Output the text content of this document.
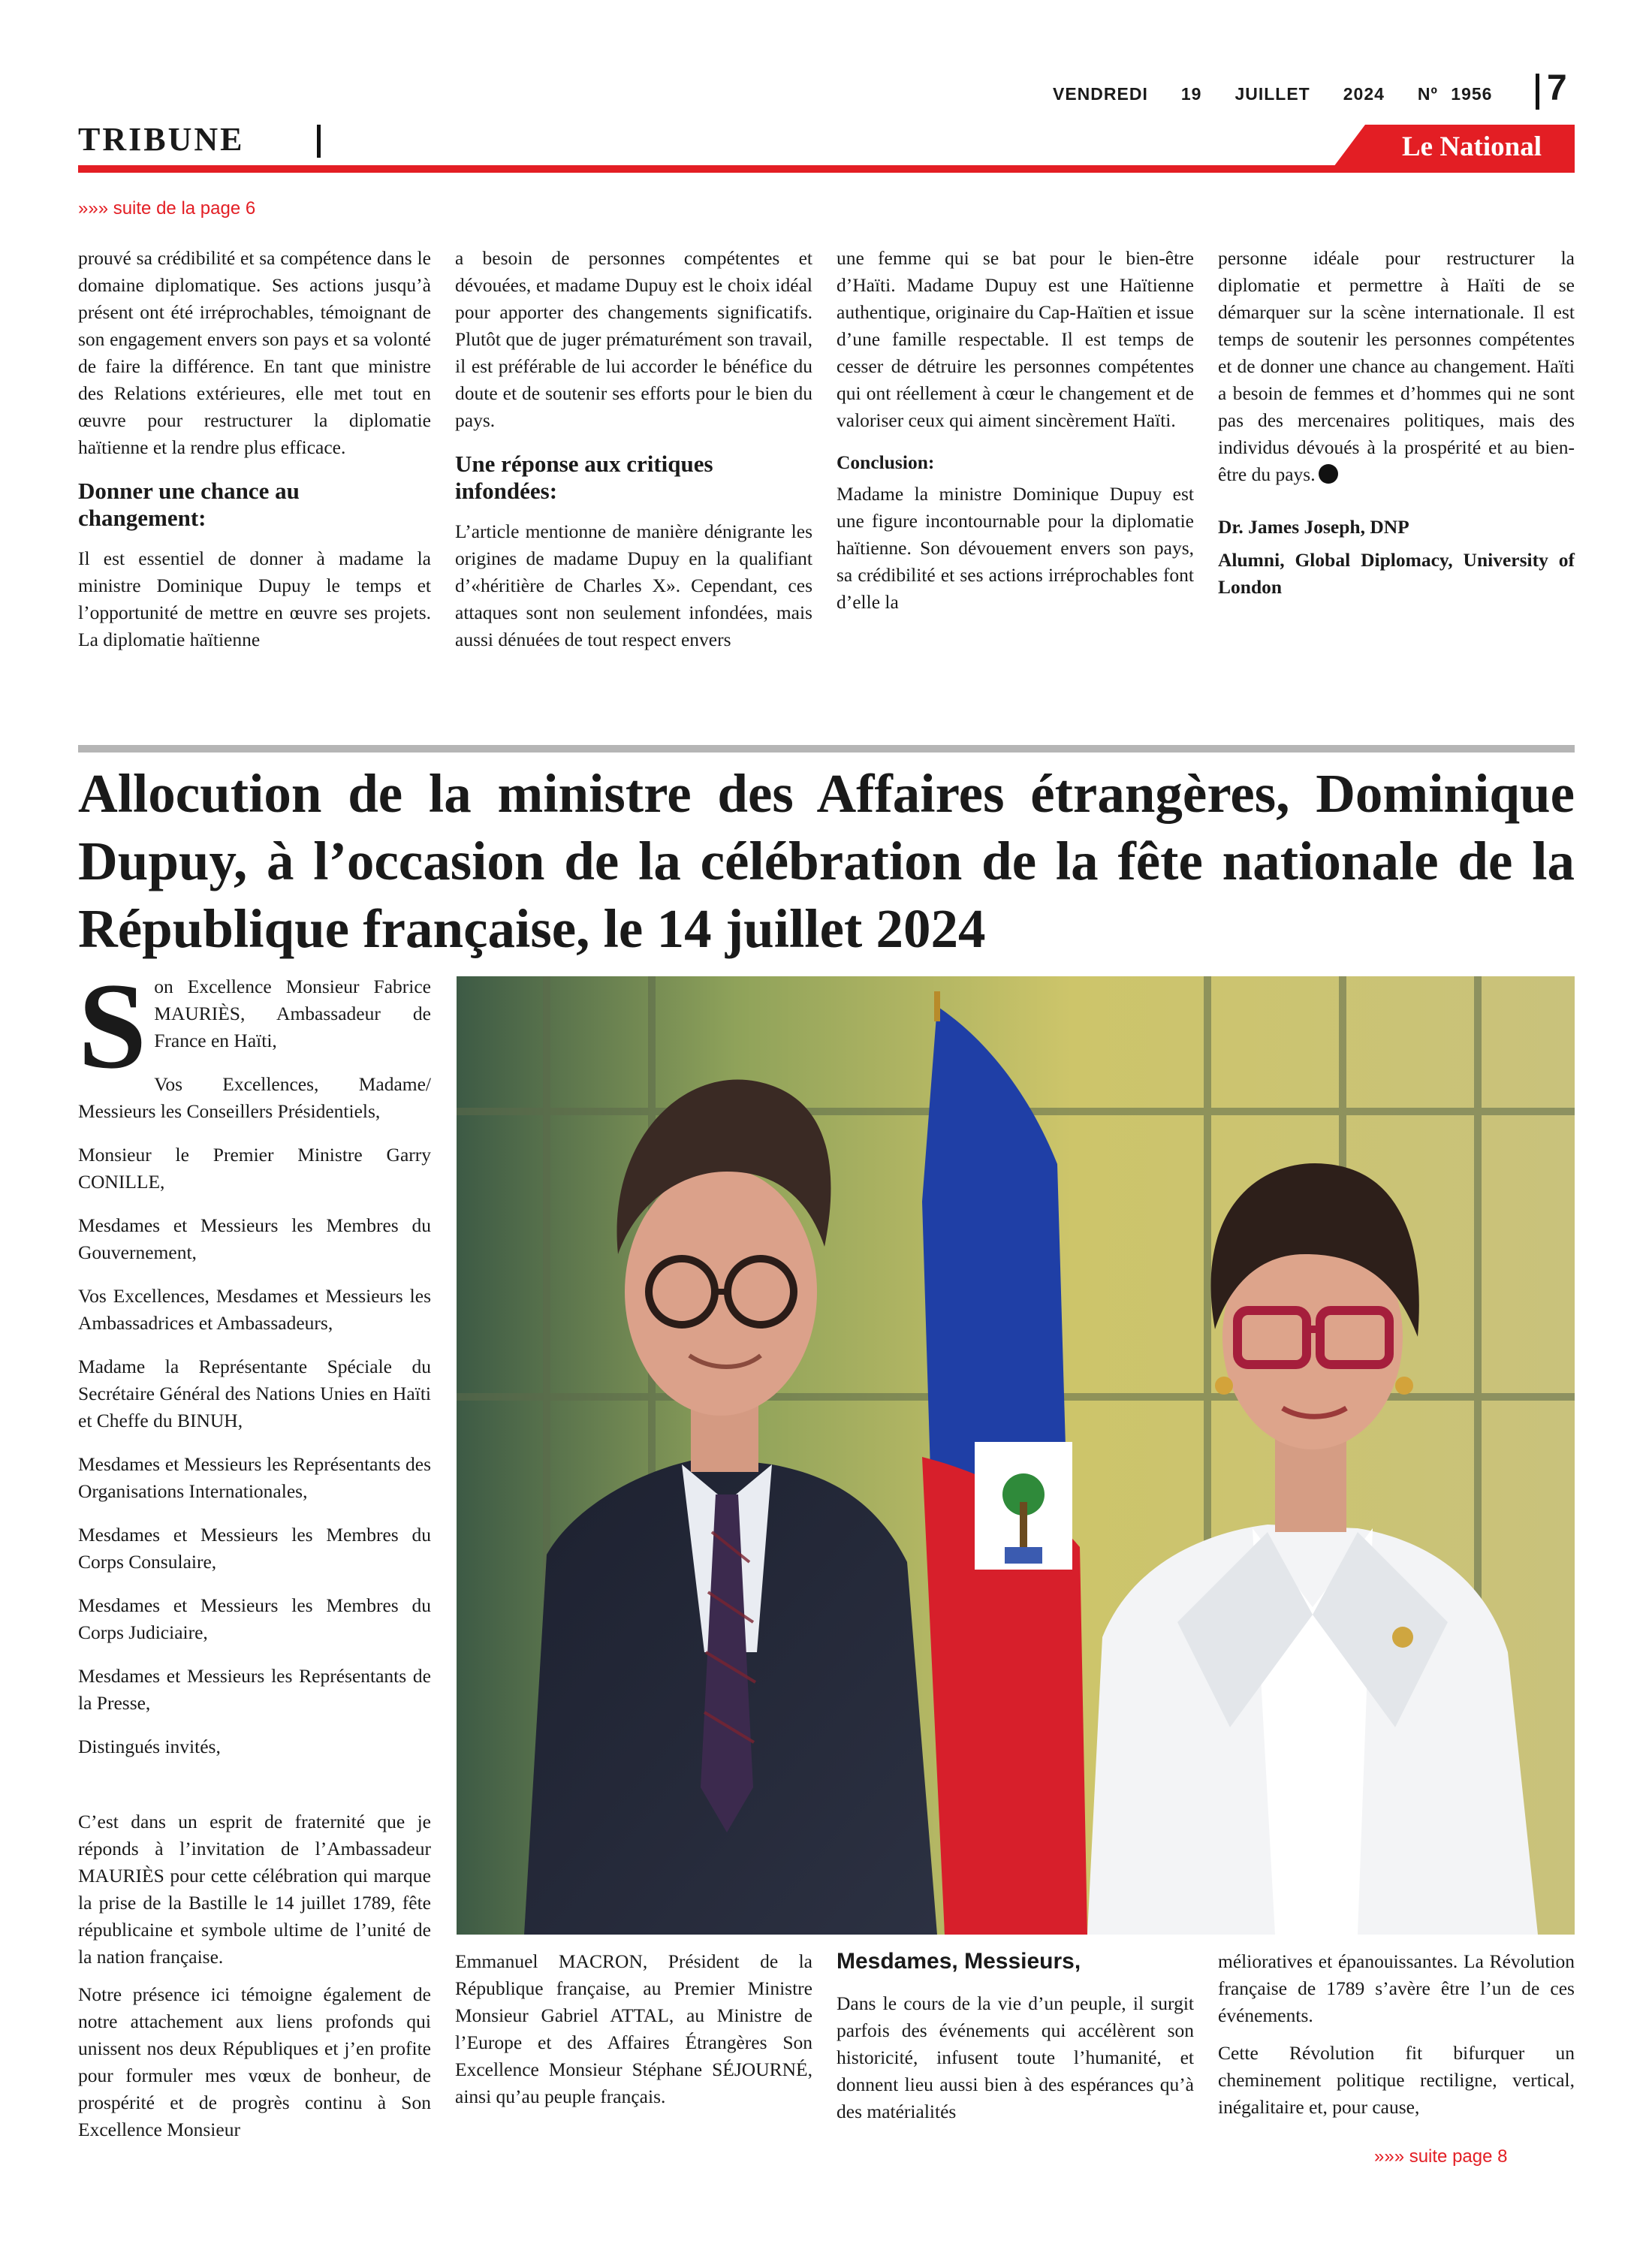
VENDREDI 19 JUILLET 2024 Nº 1956 7
TRIBUNE	Le National
»»» suite de la page 6

prouvé sa crédibilité et sa compétence dans le domaine diplomatique. Ses actions jusqu’à présent ont été irréprochables, témoignant de son engagement envers son pays et sa volonté de faire la différence. En tant que ministre des Relations extérieures, elle met tout en œuvre pour restructurer la diplomatie haïtienne et la rendre plus efficace.

Donner une chance au changement:

Il est essentiel de donner à madame la ministre Dominique Dupuy le temps et l’opportunité de mettre en œuvre ses projets. La diplomatie haïtienne

a besoin de personnes compétentes et dévouées, et madame Dupuy est le choix idéal pour apporter des changements significatifs. Plutôt que de juger prématurément son travail, il est préférable de lui accorder le bénéfice du doute et de soutenir ses efforts pour le bien du pays.

Une réponse aux critiques infondées:

L’article mentionne de manière dénigrante les origines de madame Dupuy en la qualifiant d’«héritière de Charles X». Cependant, ces attaques sont non seulement infondées, mais aussi dénuées de tout respect envers

une femme qui se bat pour le bien-être d’Haïti. Madame Dupuy est une Haïtienne authentique, originaire du Cap-Haïtien et issue d’une famille respectable. Il est temps de cesser de détruire les personnes compétentes qui ont réellement à cœur le changement et de valoriser ceux qui aiment sincèrement Haïti.

Conclusion:

Madame la ministre Dominique Dupuy est une figure incontournable pour la diplomatie haïtienne. Son dévouement envers son pays, sa crédibilité et ses actions irréprochables font d’elle la

personne idéale pour restructurer la diplomatie et permettre à Haïti de se démarquer sur la scène internationale. Il est temps de soutenir les personnes compétentes et de donner une chance au changement. Haïti a besoin de femmes et d’hommes qui ne sont pas des mercenaires politiques, mais des individus dévoués à la prospérité et au bien-être du pays.

Dr. James Joseph, DNP

Alumni, Global Diplomacy, University of London

Allocution de la ministre des Affaires étrangères, Dominique Dupuy, à l’occasion de la célébration de la fête nationale de la République française, le 14 juillet 2024

Son Excellence Monsieur Fabrice MAURIÈS, Ambassadeur de France en Haïti,

Vos Excellences, Madame/ Messieurs les Conseillers Présidentiels,

Monsieur le Premier Ministre Garry CONILLE,

Mesdames et Messieurs les Membres du Gouvernement,

Vos Excellences, Mesdames et Messieurs les Ambassadrices et Ambassadeurs,

Madame la Représentante Spéciale du Secrétaire Général des Nations Unies en Haïti et Cheffe du BINUH,

Mesdames et Messieurs les Représentants des Organisations Internationales,

Mesdames et Messieurs les Membres du Corps Consulaire,

Mesdames et Messieurs les Membres du Corps Judiciaire,

Mesdames et Messieurs les Représentants de la Presse,

Distingués invités,

C’est dans un esprit de fraternité que je réponds à l’invitation de l’Ambassadeur MAURIÈS pour cette célébration qui marque la prise de la Bastille le 14 juillet 1789, fête républicaine et symbole ultime de l’unité de la nation française.

Notre présence ici témoigne également de notre attachement aux liens profonds qui unissent nos deux Républiques et j’en profite pour formuler mes vœux de bonheur, de prospérité et de progrès continu à Son Excellence Monsieur

Emmanuel MACRON, Président de la République française, au Premier Ministre Monsieur Gabriel ATTAL, au Ministre de l’Europe et des Affaires Étrangères Son Excellence Monsieur Stéphane SÉJOURNÉ, ainsi qu’au peuple français.

Mesdames, Messieurs,

Dans le cours de la vie d’un peuple, il surgit parfois des événements qui accélèrent son historicité, infusent toute l’humanité, et donnent lieu aussi bien à des espérances qu’à des matérialités

mélioratives et épanouissantes. La Révolution française de 1789 s’avère être l’un de ces événements.

Cette Révolution fit bifurquer un cheminement politique rectiligne, vertical, inégalitaire et, pour cause,

»»» suite page 8
